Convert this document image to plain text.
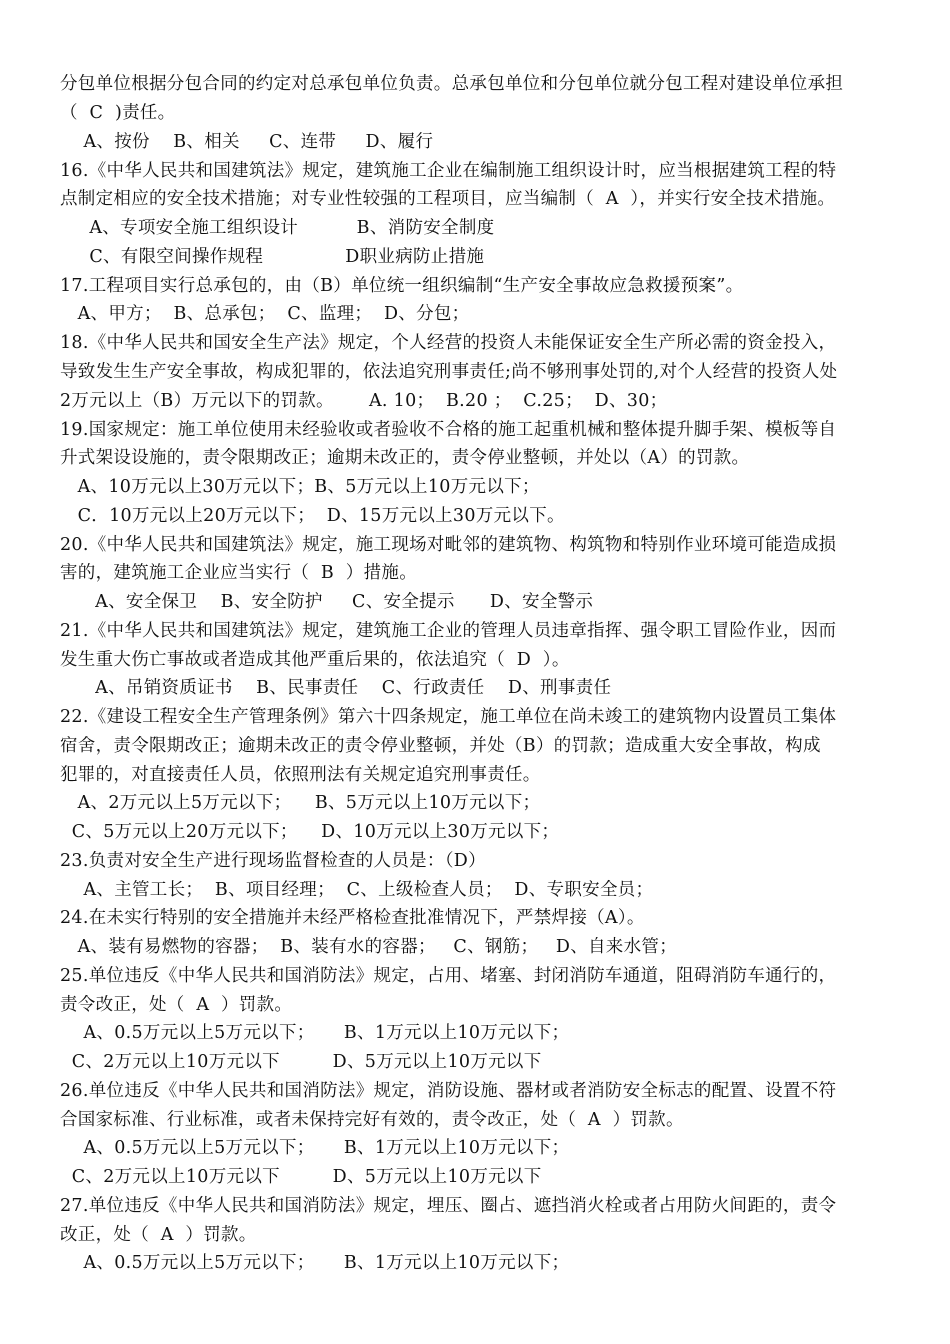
分包单位根据分包合同的约定对总承包单位负责。总承包单位和分包单位就分包工程对建设单位承担
（  C  )责任。
A、按份    B、相关     C、连带     D、履行
16.《中华人民共和国建筑法》规定，建筑施工企业在编制施工组织设计时，应当根据建筑工程的特
点制定相应的安全技术措施；对专业性较强的工程项目，应当编制（  A  ），并实行安全技术措施。
A、专项安全施工组织设计          B、消防安全制度
C、有限空间操作规程              D职业病防止措施
17.工程项目实行总承包的，由（B）单位统一组织编制“生产安全事故应急救援预案”。
A、甲方；  B、总承包；  C、监理；  D、分包；
18.《中华人民共和国安全生产法》规定，个人经营的投资人未能保证安全生产所必需的资金投入，
导致发生生产安全事故，构成犯罪的，依法追究刑事责任;尚不够刑事处罚的,对个人经营的投资人处
2万元以上（B）万元以下的罚款。      A. 10；  B.20 ；  C.25；  D、30；
19.国家规定：施工单位使用未经验收或者验收不合格的施工起重机械和整体提升脚手架、模板等自
升式架设设施的，责令限期改正；逾期未改正的，责令停业整顿，并处以（A）的罚款。
A、10万元以上30万元以下；B、5万元以上10万元以下；
C．10万元以上20万元以下；  D、15万元以上30万元以下。
20.《中华人民共和国建筑法》规定，施工现场对毗邻的建筑物、构筑物和特别作业环境可能造成损
害的，建筑施工企业应当实行（  B  ）措施。
A、安全保卫    B、安全防护     C、安全提示      D、安全警示
21.《中华人民共和国建筑法》规定，建筑施工企业的管理人员违章指挥、强令职工冒险作业，因而
发生重大伤亡事故或者造成其他严重后果的，依法追究（  D  ）。
A、吊销资质证书    B、民事责任    C、行政责任    D、刑事责任
22.《建设工程安全生产管理条例》第六十四条规定，施工单位在尚未竣工的建筑物内设置员工集体
宿舍，责令限期改正；逾期未改正的责令停业整顿，并处（B）的罚款；造成重大安全事故，构成
犯罪的，对直接责任人员，依照刑法有关规定追究刑事责任。
A、2万元以上5万元以下；    B、5万元以上10万元以下；
C、5万元以上20万元以下；    D、10万元以上30万元以下；
23.负责对安全生产进行现场监督检查的人员是：（D）
A、主管工长；  B、项目经理；  C、上级检查人员；  D、专职安全员；
24.在未实行特别的安全措施并未经严格检查批准情况下，严禁焊接（A）。
A、装有易燃物的容器；  B、装有水的容器；   C、钢筋；   D、自来水管；
25.单位违反《中华人民共和国消防法》规定，占用、堵塞、封闭消防车通道，阻碍消防车通行的，
责令改正，处（  A  ）罚款。
A、0.5万元以上5万元以下；     B、1万元以上10万元以下；
C、2万元以上10万元以下         D、5万元以上10万元以下
26.单位违反《中华人民共和国消防法》规定，消防设施、器材或者消防安全标志的配置、设置不符
合国家标准、行业标准，或者未保持完好有效的，责令改正，处（  A  ）罚款。
A、0.5万元以上5万元以下；     B、1万元以上10万元以下；
C、2万元以上10万元以下         D、5万元以上10万元以下
27.单位违反《中华人民共和国消防法》规定，埋压、圈占、遮挡消火栓或者占用防火间距的，责令
改正，处（  A  ）罚款。
A、0.5万元以上5万元以下；     B、1万元以上10万元以下；
